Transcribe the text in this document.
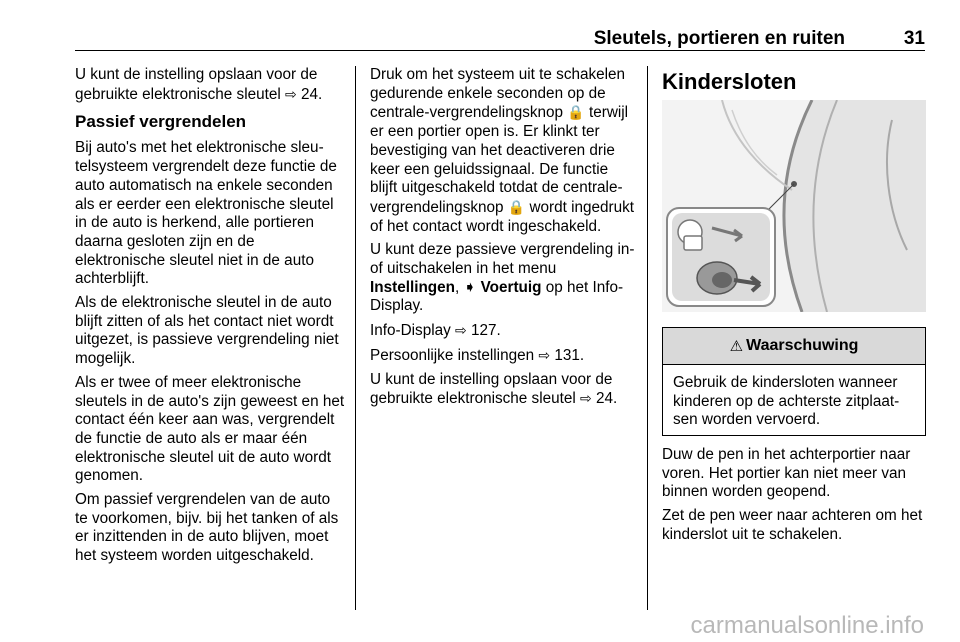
Sleutels, portieren en ruiten	31

U kunt de instelling opslaan voor de gebruikte elektronische sleutel ⇨ 24.

Passief vergrendelen

Bij auto's met het elektronische sleutelsysteem vergrendelt deze functie de auto automatisch na enkele seconden als er eerder een elektronische sleutel in de auto is herkend, alle portieren daarna gesloten zijn en de elektronische sleutel niet in de auto achterblijft.

Als de elektronische sleutel in de auto blijft zitten of als het contact niet wordt uitgezet, is passieve vergrendeling niet mogelijk.

Als er twee of meer elektronische sleutels in de auto's zijn geweest en het contact één keer aan was, vergrendelt de functie de auto als er maar één elektronische sleutel uit de auto wordt genomen.

Om passief vergrendelen van de auto te voorkomen, bijv. bij het tanken of als er inzittenden in de auto blijven, moet het systeem worden uitgeschakeld.

Druk om het systeem uit te schakelen gedurende enkele seconden op de centrale-vergrendelingsknop 🔒 terwijl er een portier open is. Er klinkt ter bevestiging van het deactiveren drie keer een geluidssignaal. De functie blijft uitgeschakeld totdat de centrale-vergrendelingsknop 🔒 wordt ingedrukt of het contact wordt ingeschakeld.

U kunt deze passieve vergrendeling in- of uitschakelen in het menu Instellingen, ➧ Voertuig op het Info-Display.

Info-Display ⇨ 127.

Persoonlijke instellingen ⇨ 131.

U kunt de instelling opslaan voor de gebruikte elektronische sleutel ⇨ 24.

Kindersloten
⚠ Waarschuwing
Gebruik de kindersloten wanneer kinderen op de achterste zitplaatsen worden vervoerd.

Duw de pen in het achterportier naar voren. Het portier kan niet meer van binnen worden geopend.

Zet de pen weer naar achteren om het kinderslot uit te schakelen.

carmanualsonline.info
